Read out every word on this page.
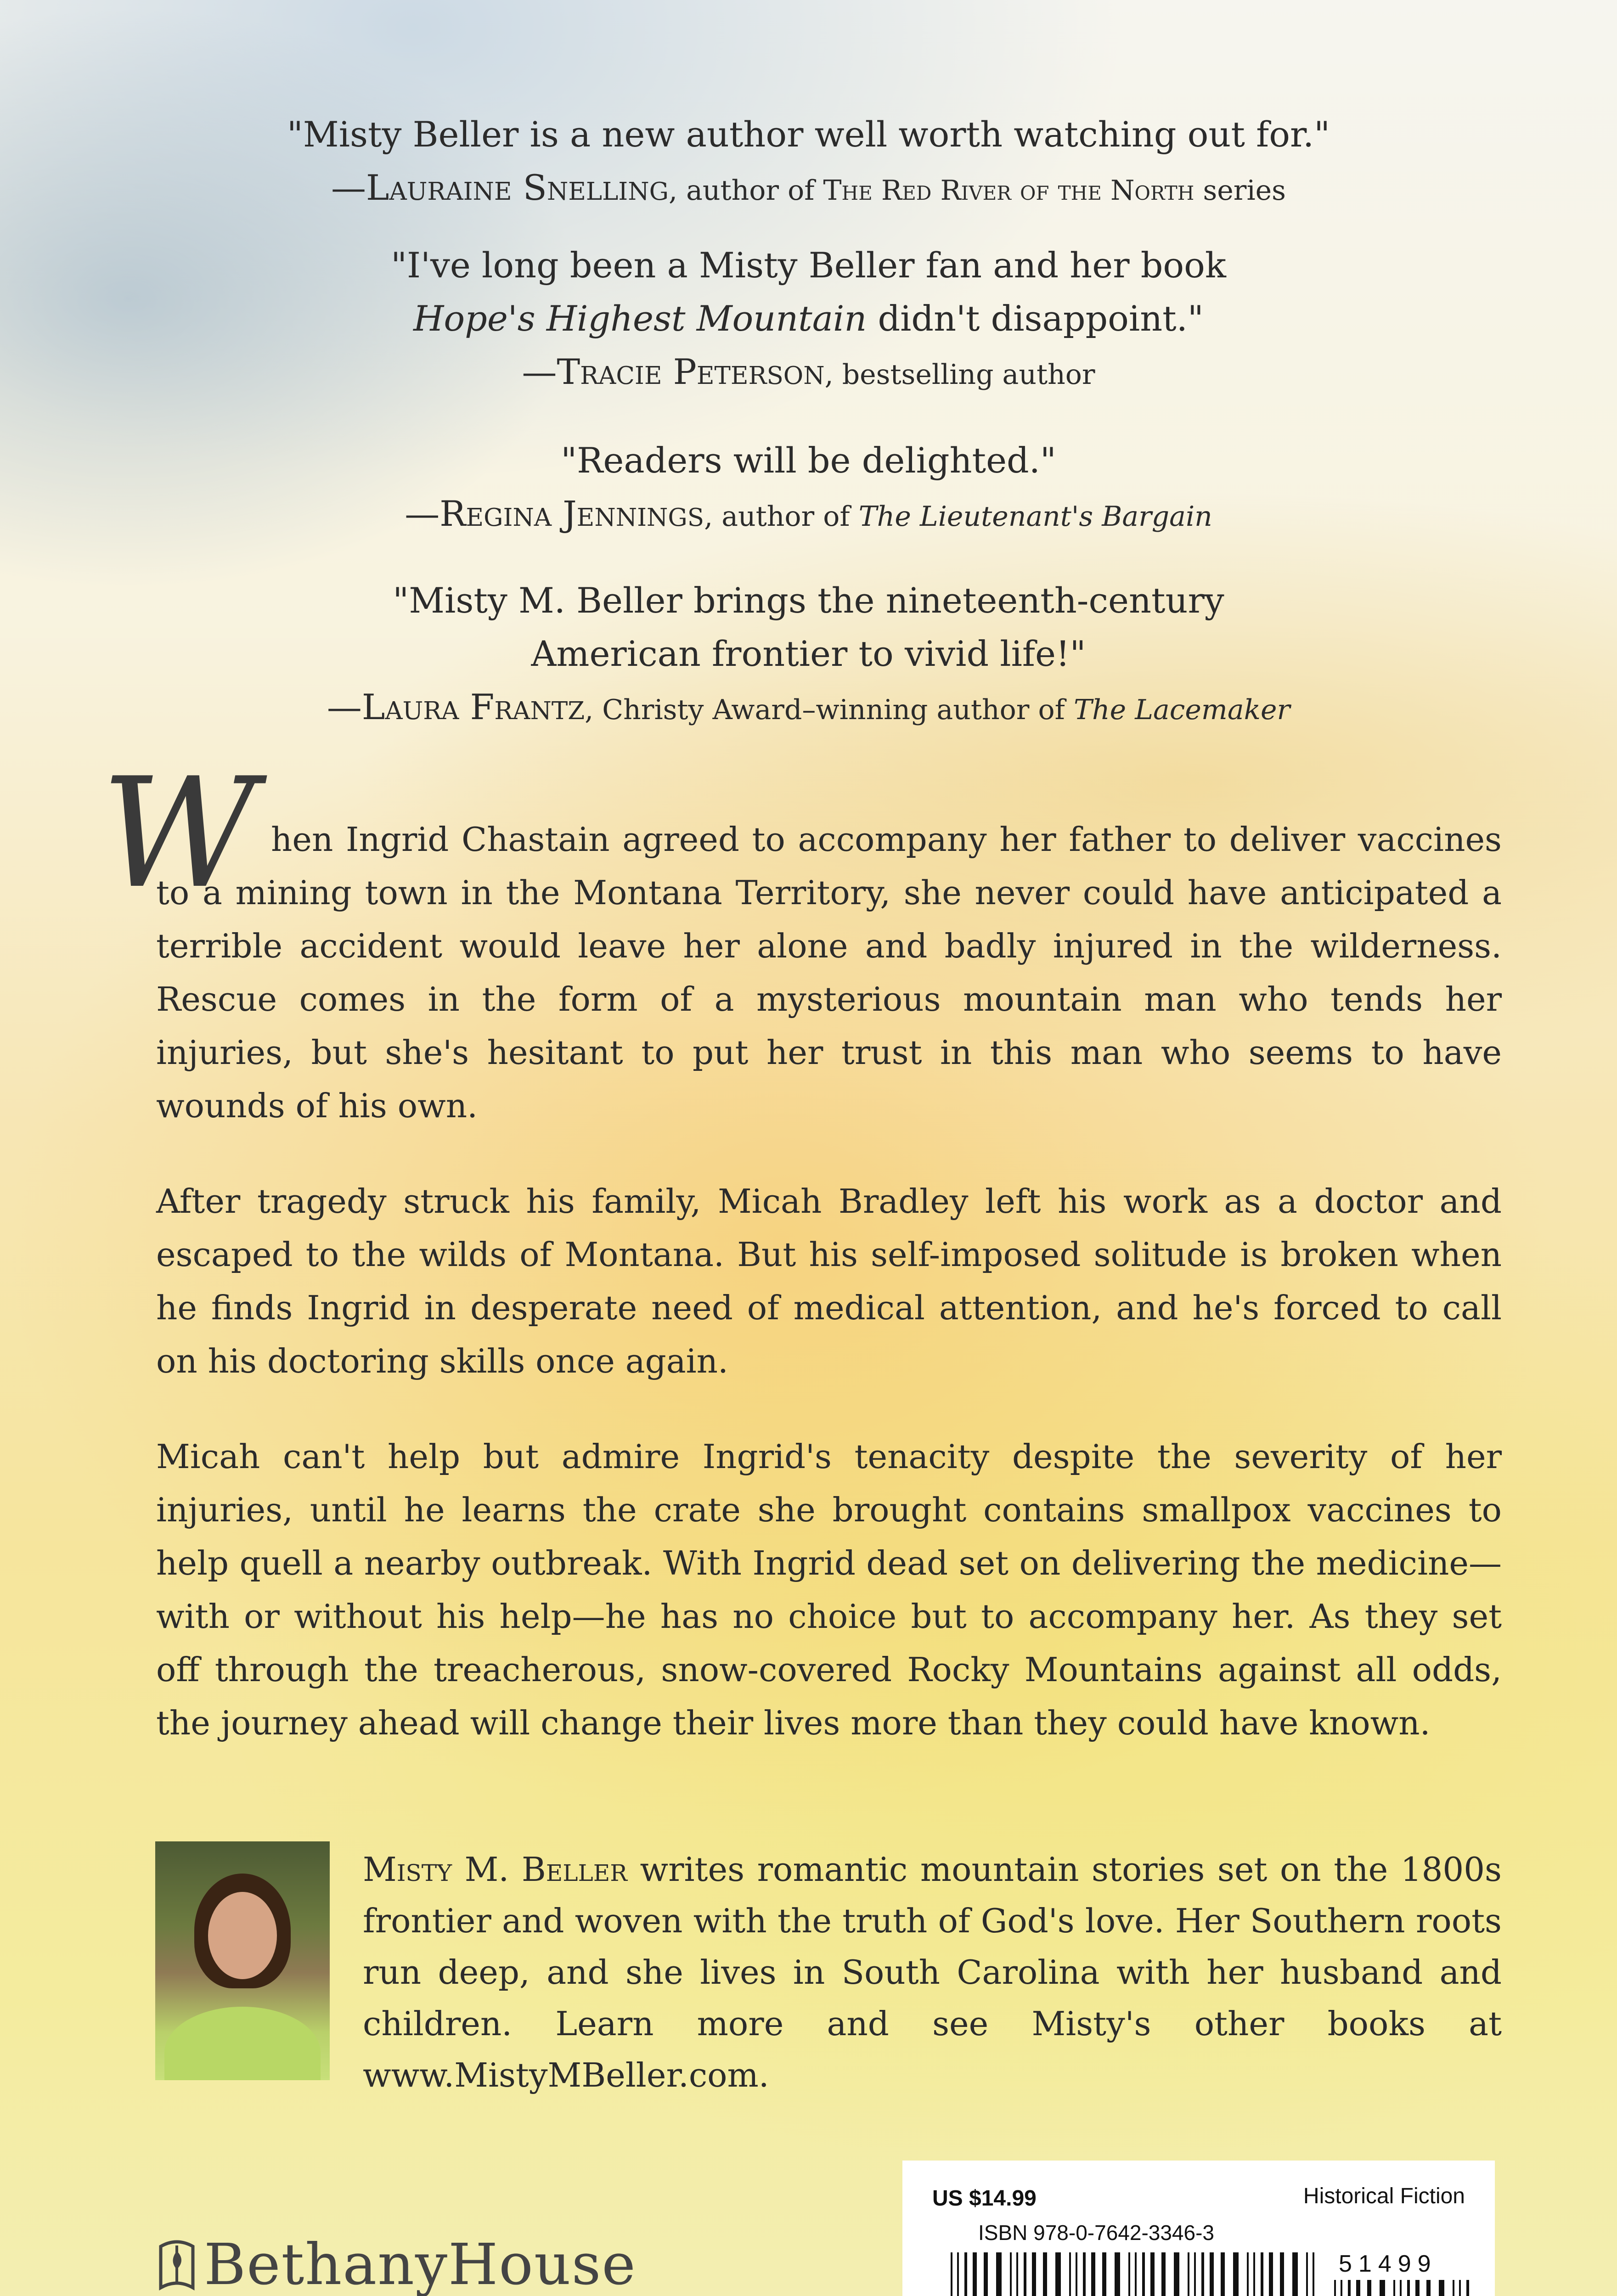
"Misty Beller is a new author well worth watching out for."
—Lauraine Snelling, author of The Red River of the North series
"I've long been a Misty Beller fan and her book
Hope's Highest Mountain didn't disappoint."
—Tracie Peterson, bestselling author
"Readers will be delighted."
—Regina Jennings, author of The Lieutenant's Bargain
"Misty M. Beller brings the nineteenth-century
American frontier to vivid life!"
—Laura Frantz, Christy Award–winning author of The Lacemaker
W hen Ingrid Chastain agreed to accompany her father to deliver vaccines to a mining town in the Montana Territory, she never could have anticipated a terrible accident would leave her alone and badly injured in the wilderness. Rescue comes in the form of a mysterious mountain man who tends her injuries, but she's hesitant to put her trust in this man who seems to have wounds of his own.

After tragedy struck his family, Micah Bradley left his work as a doctor and escaped to the wilds of Montana. But his self-imposed solitude is broken when he finds Ingrid in desperate need of medical attention, and he's forced to call on his doctoring skills once again.

Micah can't help but admire Ingrid's tenacity despite the severity of her injuries, until he learns the crate she brought contains smallpox vaccines to help quell a nearby outbreak. With Ingrid dead set on delivering the medicine—with or without his help—he has no choice but to accompany her. As they set off through the treacherous, snow-covered Rocky Mountains against all odds, the journey ahead will change their lives more than they could have known.

Misty M. Beller writes romantic mountain stories set on the 1800s frontier and woven with the truth of God's love. Her Southern roots run deep, and she lives in South Carolina with her husband and children. Learn more and see Misty's other books at www.MistyMBeller.com.
BethanyHouse
US $14.99	Historical Fiction
ISBN 978-0-7642-3346-3
51499
